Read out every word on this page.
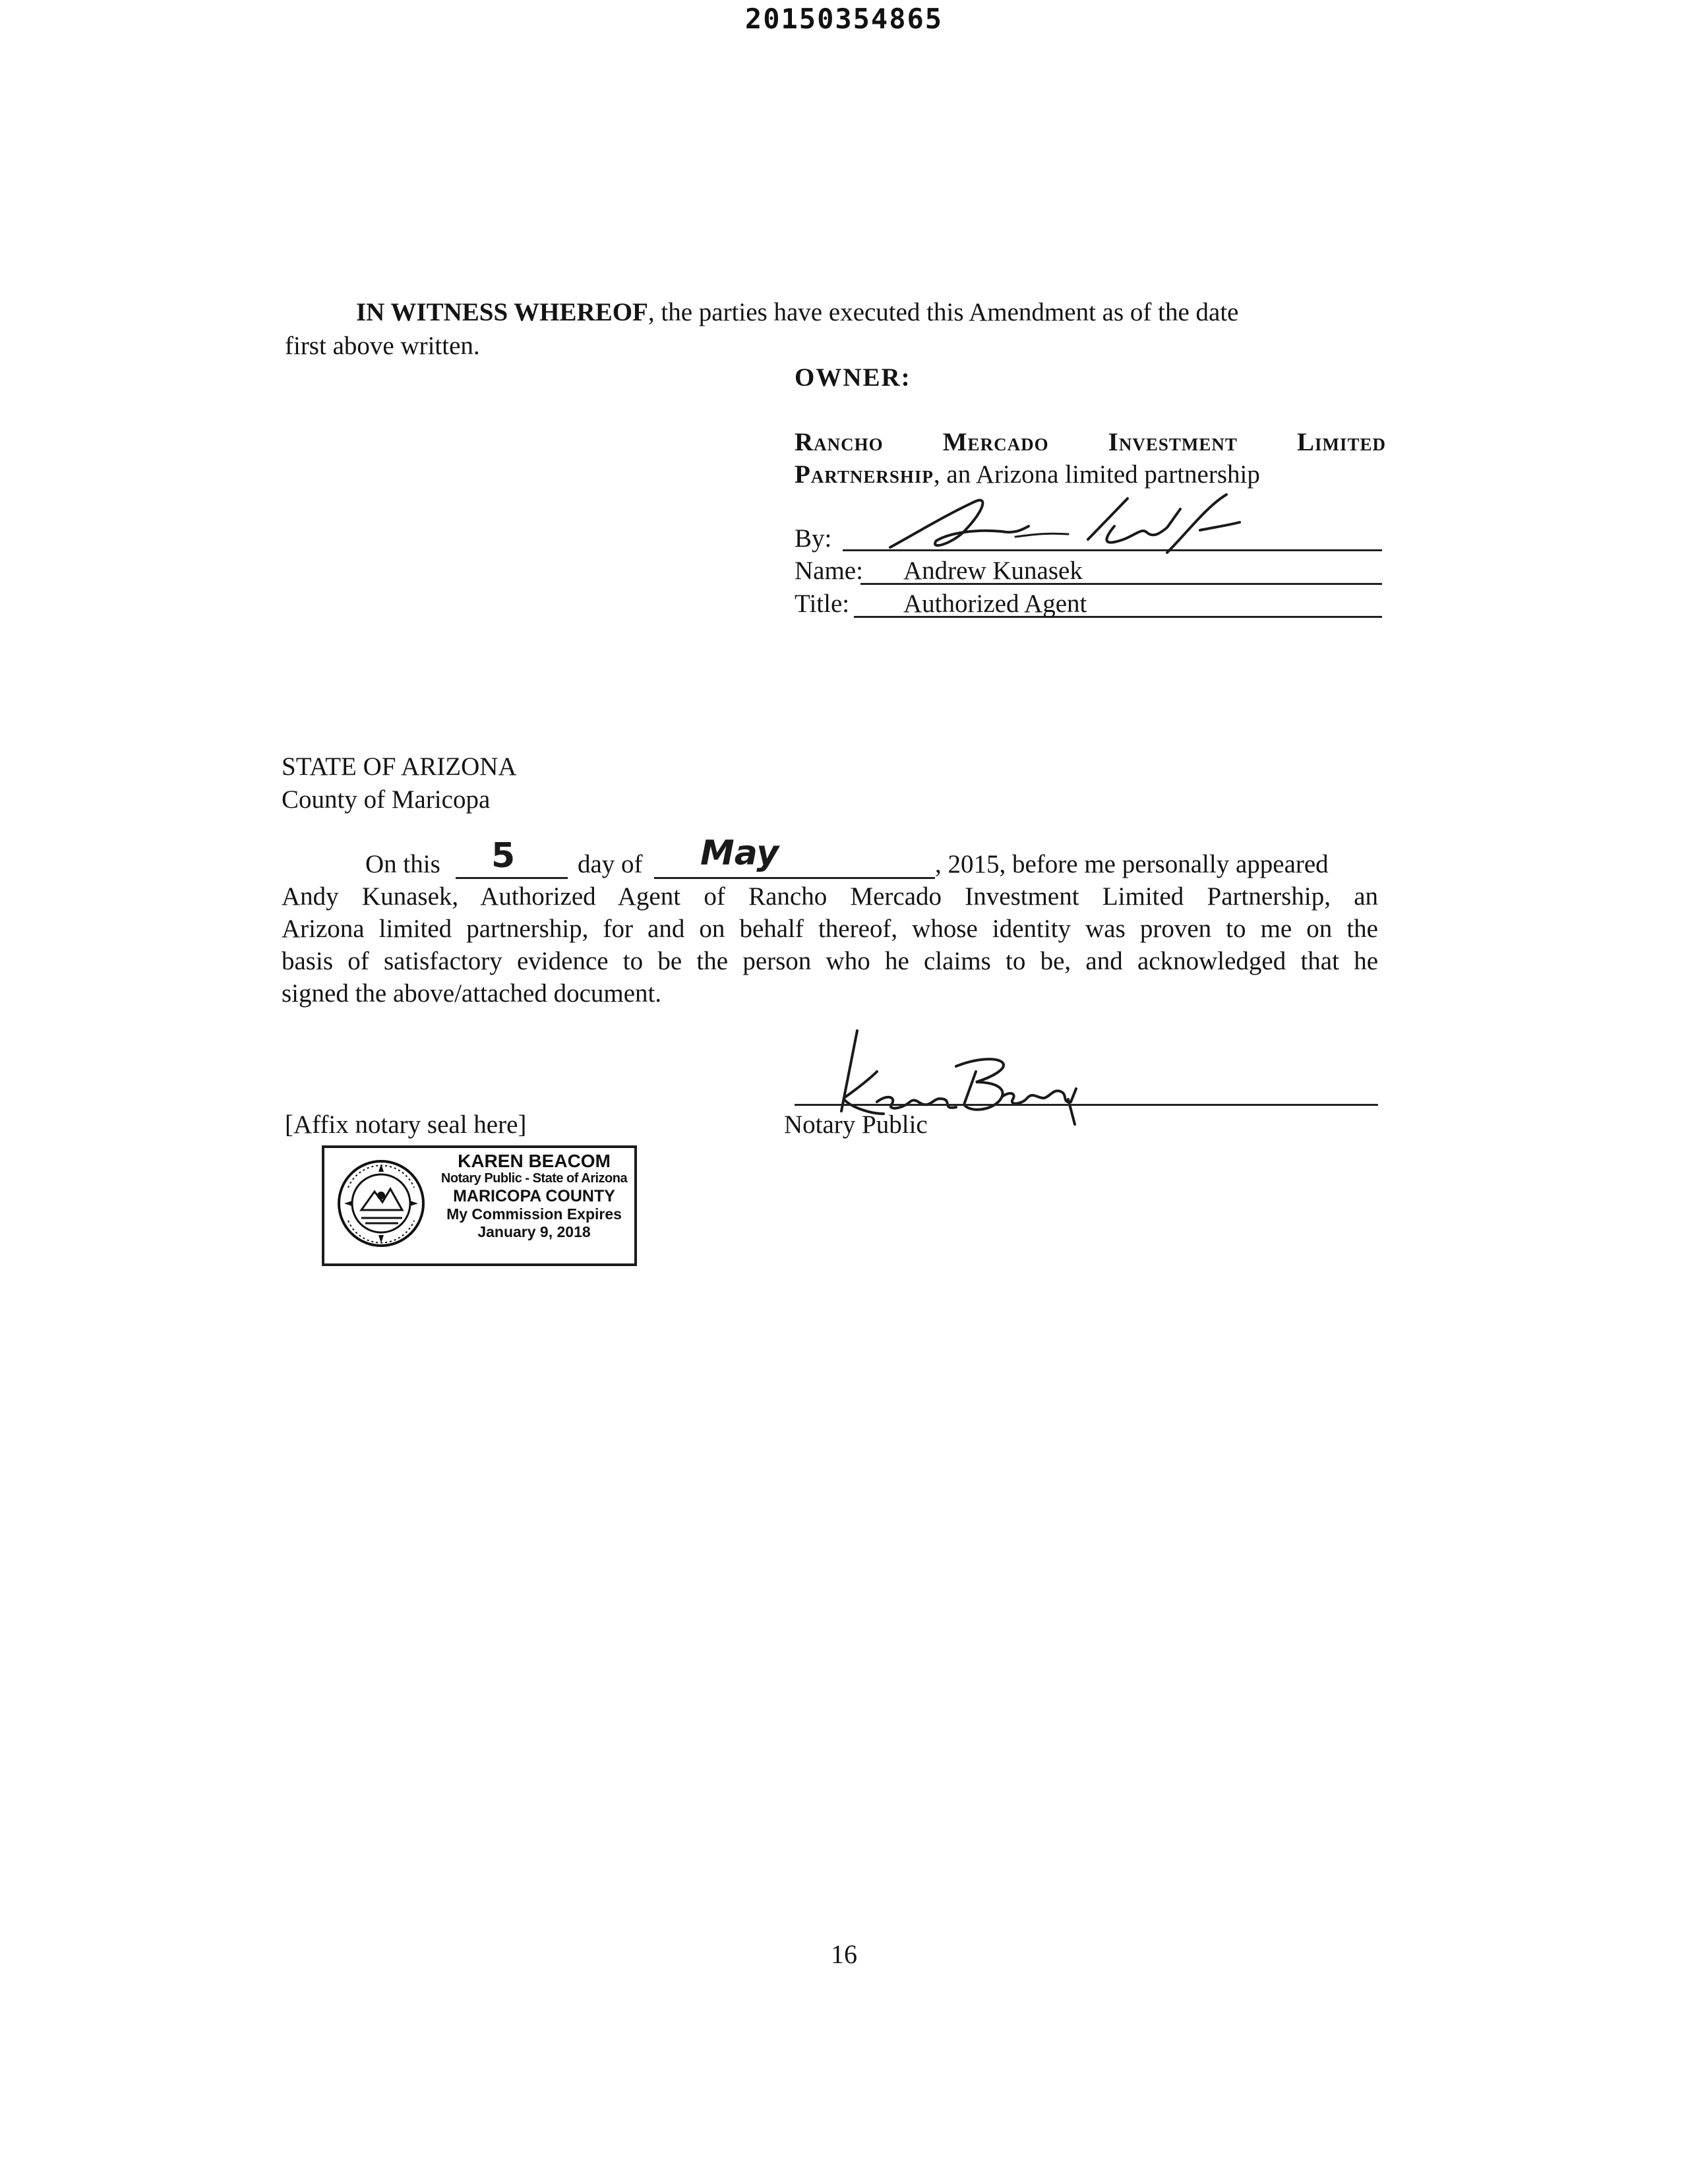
20150354865
IN WITNESS WHEREOF, the parties have executed this Amendment as of the date
first above written.
OWNER:
Rancho Mercado Investment Limited
Partnership, an Arizona limited partnership
By:
Name: Andrew Kunasek
Title: Authorized Agent
STATE OF ARIZONA
County of Maricopa
On this 5 day of May	, 2015, before me personally appeared
Andy Kunasek, Authorized Agent of Rancho Mercado Investment Limited Partnership, an
Arizona limited partnership, for and on behalf thereof, whose identity was proven to me on the
basis of satisfactory evidence to be the person who he claims to be, and acknowledged that he
signed the above/attached document.
Notary Public
[Affix notary seal here]
KAREN BEACOM
Notary Public - State of Arizona
MARICOPA COUNTY
My Commission Expires
January 9, 2018
16
